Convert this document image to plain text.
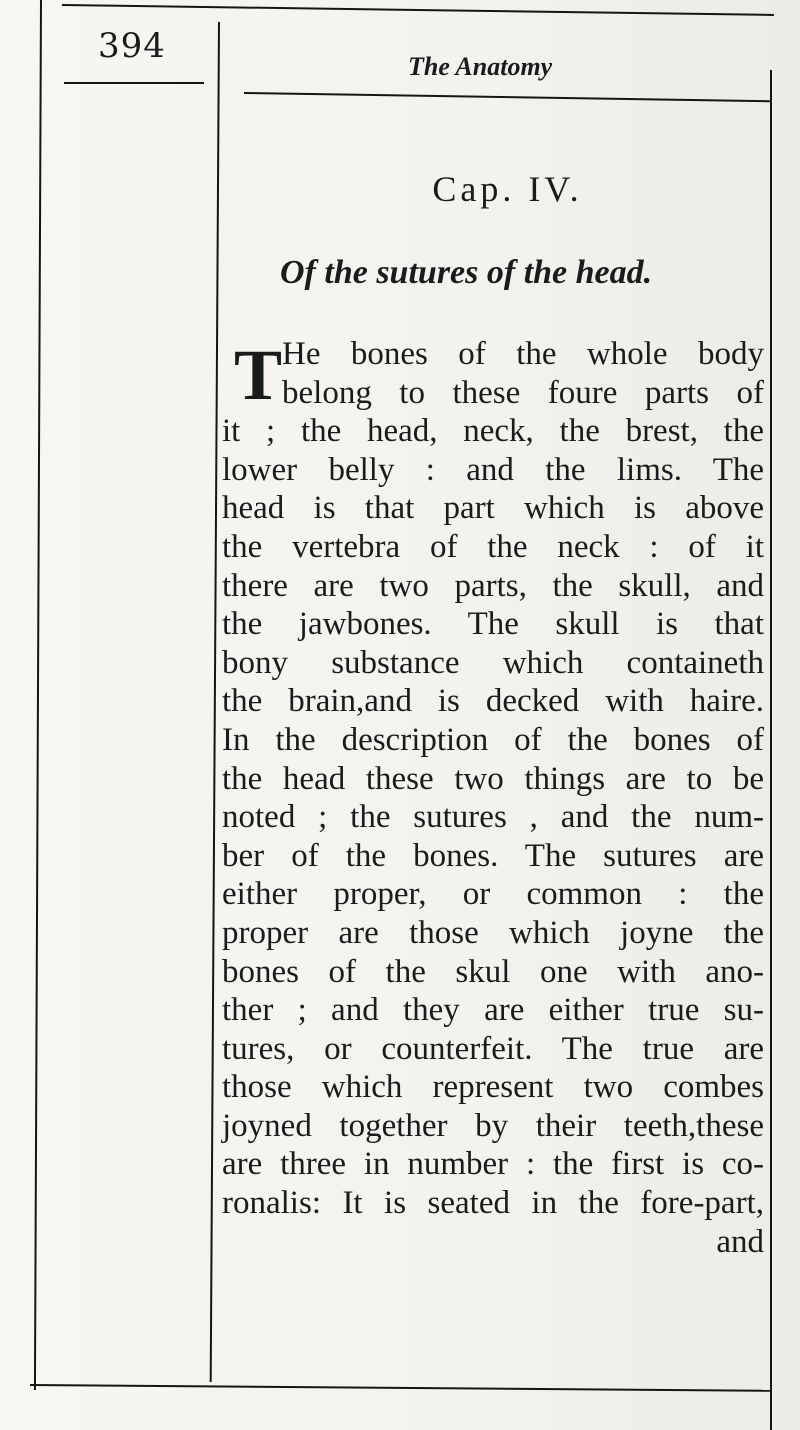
394
The Anatomy
Cap. IV.
Of the sutures of the head.
T He bones of the whole body
belong to these foure parts of
it ; the head, neck, the brest, the
lower belly : and the lims. The
head is that part which is above
the vertebra of the neck : of it
there are two parts, the skull, and
the jawbones. The skull is that
bony substance which containeth
the brain,and is decked with haire.
In the description of the bones of
the head these two things are to be
noted ; the sutures , and the num-
ber of the bones. The sutures are
either proper, or common : the
proper are those which joyne the
bones of the skul one with ano-
ther ; and they are either true su-
tures, or counterfeit. The true are
those which represent two combes
joyned together by their teeth,these
are three in number : the first is co-
ronalis: It is seated in the fore-part,
and
